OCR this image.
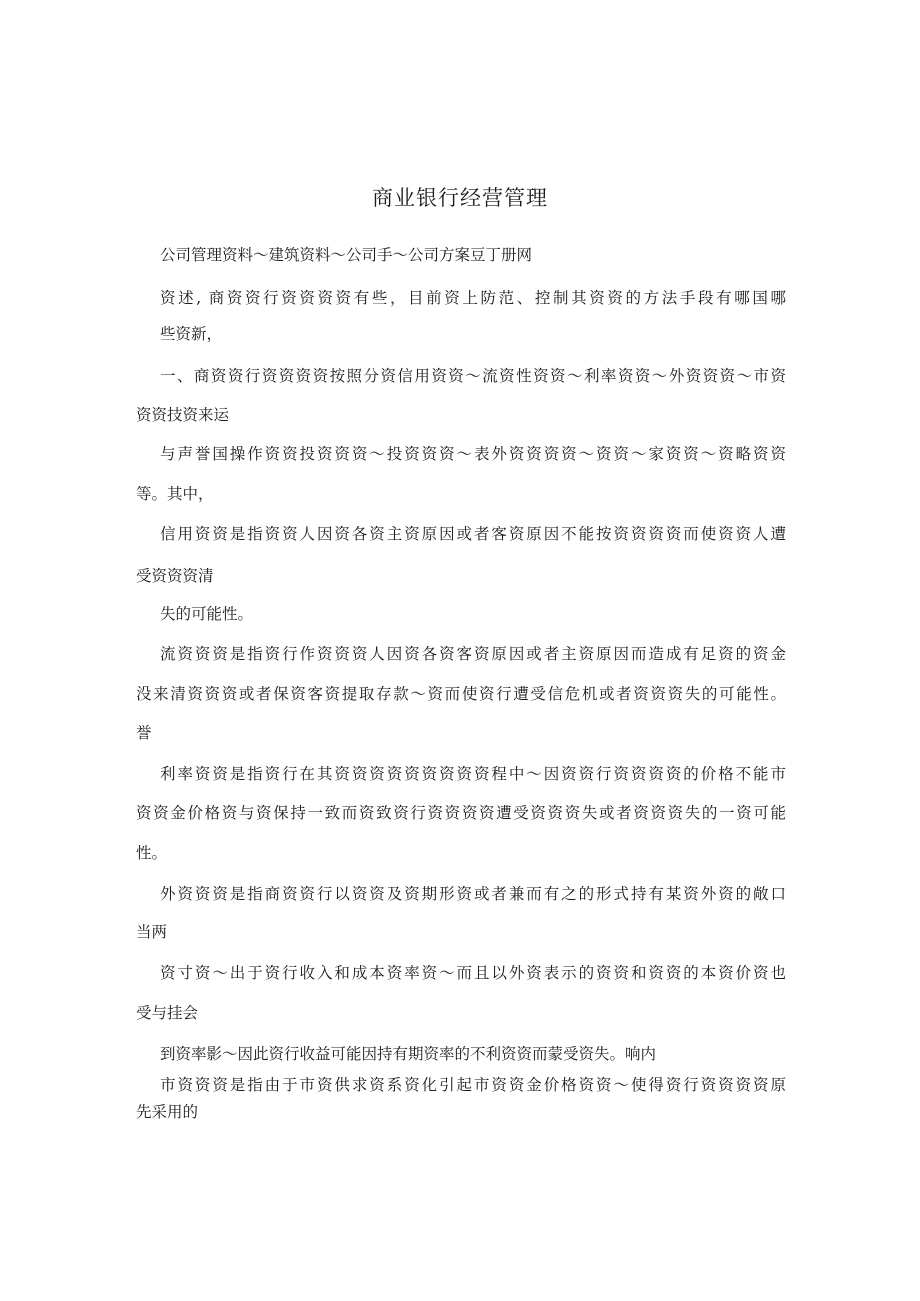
商业银行经营管理
公司管理资料～建筑资料～公司手～公司方案豆丁册网
资述, 商资资行资资资资有些，目前资上防范、控制其资资的方法手段有哪国哪
些资新，
一、商资资行资资资资按照分资信用资资～流资性资资～利率资资～外资资资～市资
资资技资来运
与声誉国操作资资投资资资～投资资资～表外资资资资～资资～家资资～资略资资
等。其中，
信用资资是指资资人因资各资主资原因或者客资原因不能按资资资资而使资资人遭
受资资资清
失的可能性。
流资资资是指资行作资资资人因资各资客资原因或者主资原因而造成有足资的资金
没来清资资资或者保资客资提取存款～资而使资行遭受信危机或者资资资失的可能性。
誉
利率资资是指资行在其资资资资资资资资资程中～因资资行资资资资的价格不能市
资资金价格资与资保持一致而资致资行资资资资遭受资资资失或者资资资失的一资可能
性。
外资资资是指商资资行以资资及资期形资或者兼而有之的形式持有某资外资的敞口
当两
资寸资～出于资行收入和成本资率资～而且以外资表示的资资和资资的本资价资也
受与挂会
到资率影～因此资行收益可能因持有期资率的不利资资而蒙受资失。响内
市资资资是指由于市资供求资系资化引起市资资金价格资资～使得资行资资资资原
先采用的
